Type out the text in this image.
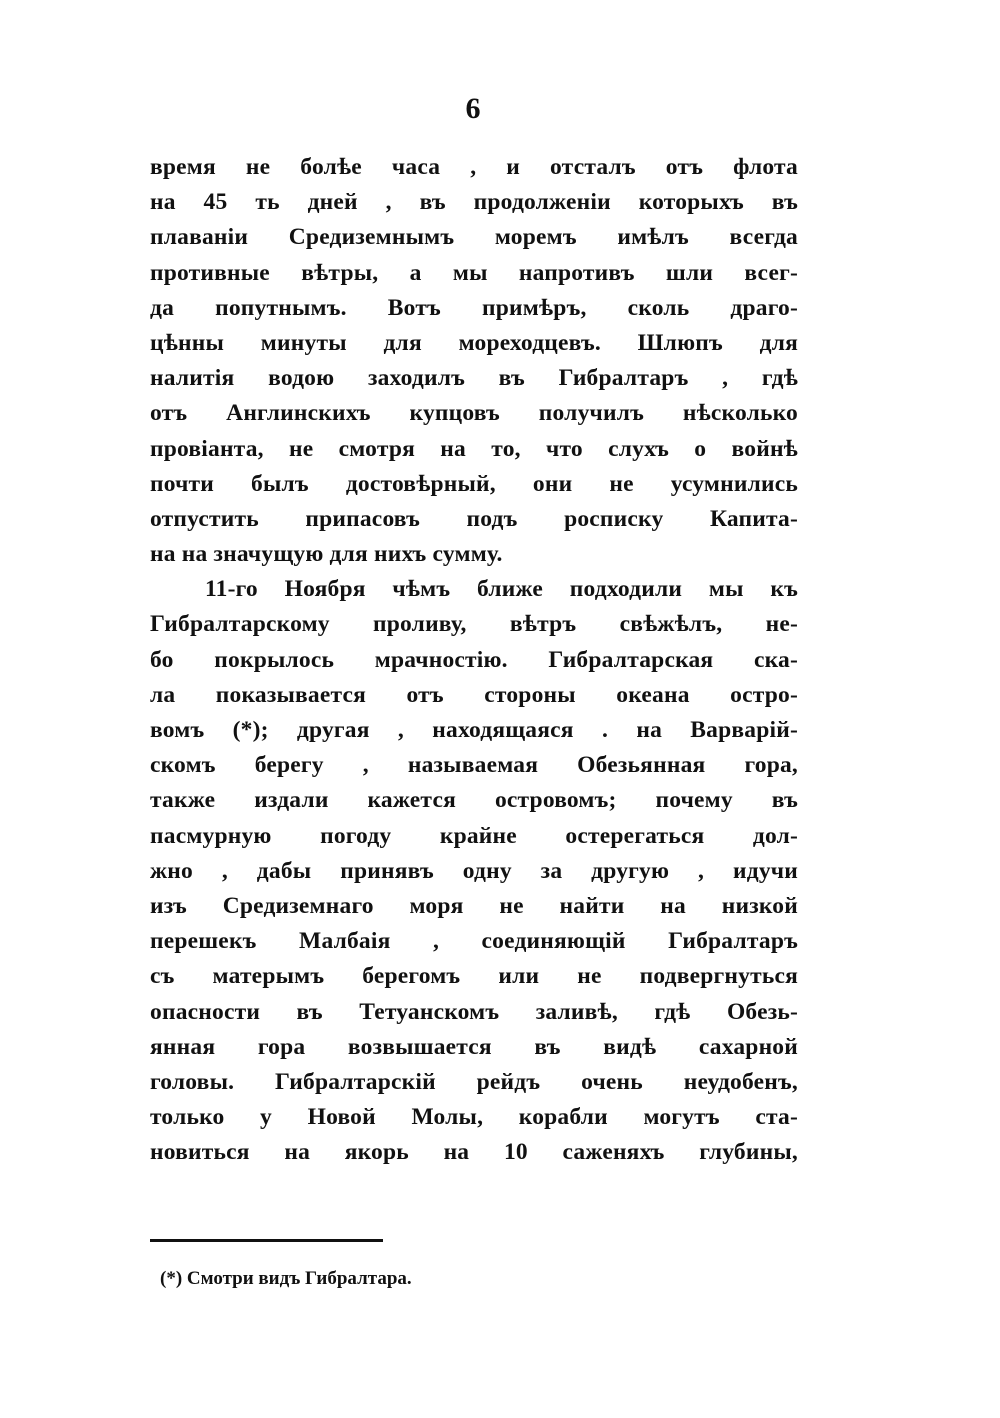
6
время не болѣе часа , и отсталъ отъ флота
на 45 ть дней , въ продолженіи которыхъ въ
плаваніи Средиземнымъ моремъ имѣлъ всегда
противные вѣтры, а мы напротивъ шли всег-
да попутнымъ. Вотъ примѣръ, сколь драго-
цѣнны минуты для мореходцевъ. Шлюпъ для
налитія водою заходилъ въ Гибралтаръ , гдѣ
отъ Англинскихъ купцовъ получилъ нѣсколько
провіанта, не смотря на то, что слухъ о войнѣ
почти былъ достовѣрный, они не усумнились
отпустить припасовъ подъ росписку Капита-
на на значущую для нихъ сумму.
11-го Ноября чѣмъ ближе подходили мы къ
Гибралтарскому проливу, вѣтръ свѣжѣлъ, не-
бо покрылось мрачностію. Гибралтарская ска-
ла показывается отъ стороны океана остро-
вомъ (*); другая , находящаяся . на Варварій-
скомъ берегу , называемая Обезьянная гора,
также издали кажется островомъ; почему въ
пасмурную погоду крайне остерегаться дол-
жно , дабы принявъ одну за другую , идучи
изъ Средиземнаго моря не найти на низкой
перешекъ Малбаія , соединяющій Гибралтаръ
съ матерымъ берегомъ или не подвергнуться
опасности въ Тетуанскомъ заливѣ, гдѣ Обезь-
янная гора возвышается въ видѣ сахарной
головы. Гибралтарскій рейдъ очень неудобенъ,
только у Новой Молы, корабли могутъ ста-
новиться на якорь на 10 саженяхъ глубины,
(*) Смотри видъ Гибралтара.
